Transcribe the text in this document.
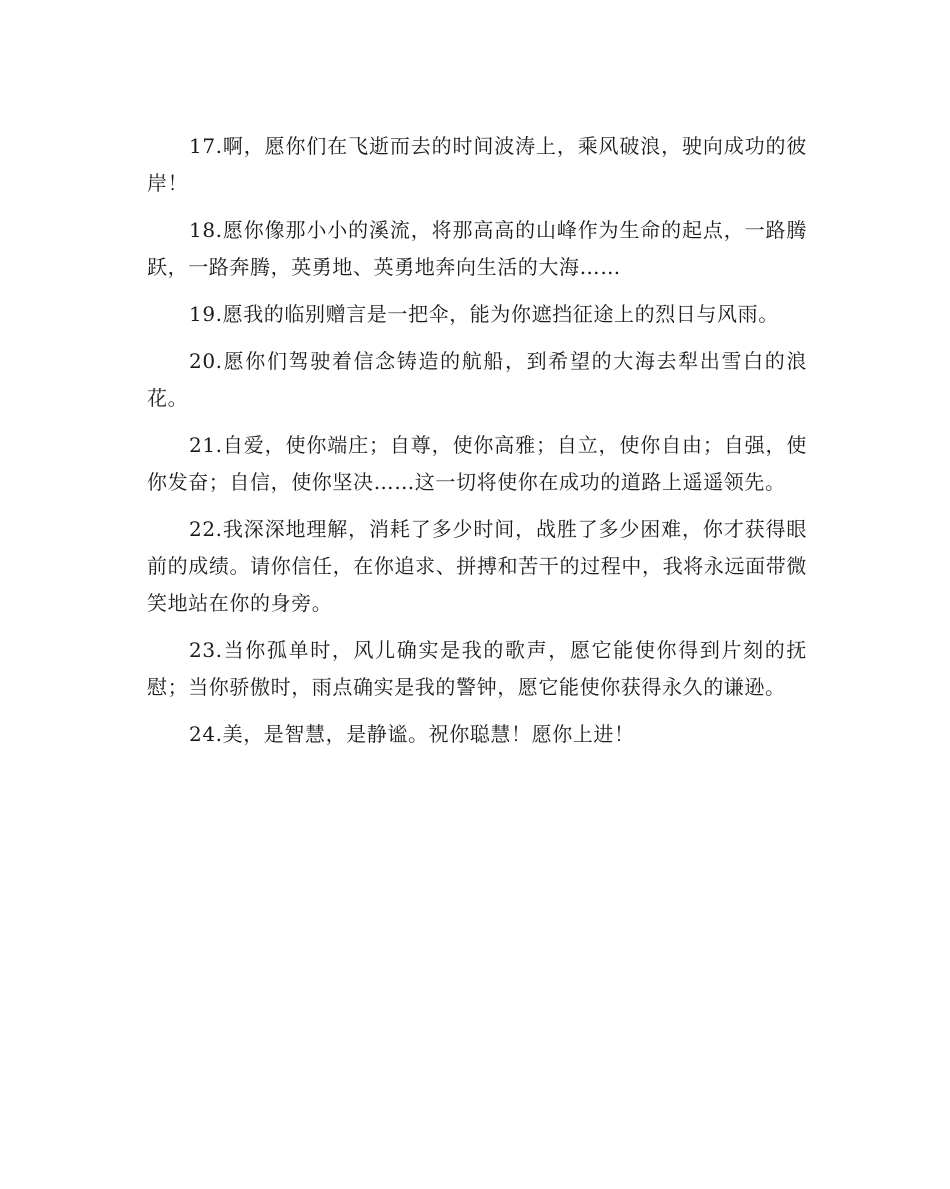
17.啊，愿你们在飞逝而去的时间波涛上，乘风破浪，驶向成功的彼岸！

18.愿你像那小小的溪流，将那高高的山峰作为生命的起点，一路腾跃，一路奔腾，英勇地、英勇地奔向生活的大海……

19.愿我的临别赠言是一把伞，能为你遮挡征途上的烈日与风雨。

20.愿你们驾驶着信念铸造的航船，到希望的大海去犁出雪白的浪花。

21.自爱，使你端庄；自尊，使你高雅；自立，使你自由；自强，使你发奋；自信，使你坚决……这一切将使你在成功的道路上遥遥领先。

22.我深深地理解，消耗了多少时间，战胜了多少困难，你才获得眼前的成绩。请你信任，在你追求、拼搏和苦干的过程中，我将永远面带微笑地站在你的身旁。

23.当你孤单时，风儿确实是我的歌声，愿它能使你得到片刻的抚慰；当你骄傲时，雨点确实是我的警钟，愿它能使你获得永久的谦逊。

24.美，是智慧，是静谧。祝你聪慧！愿你上进！
